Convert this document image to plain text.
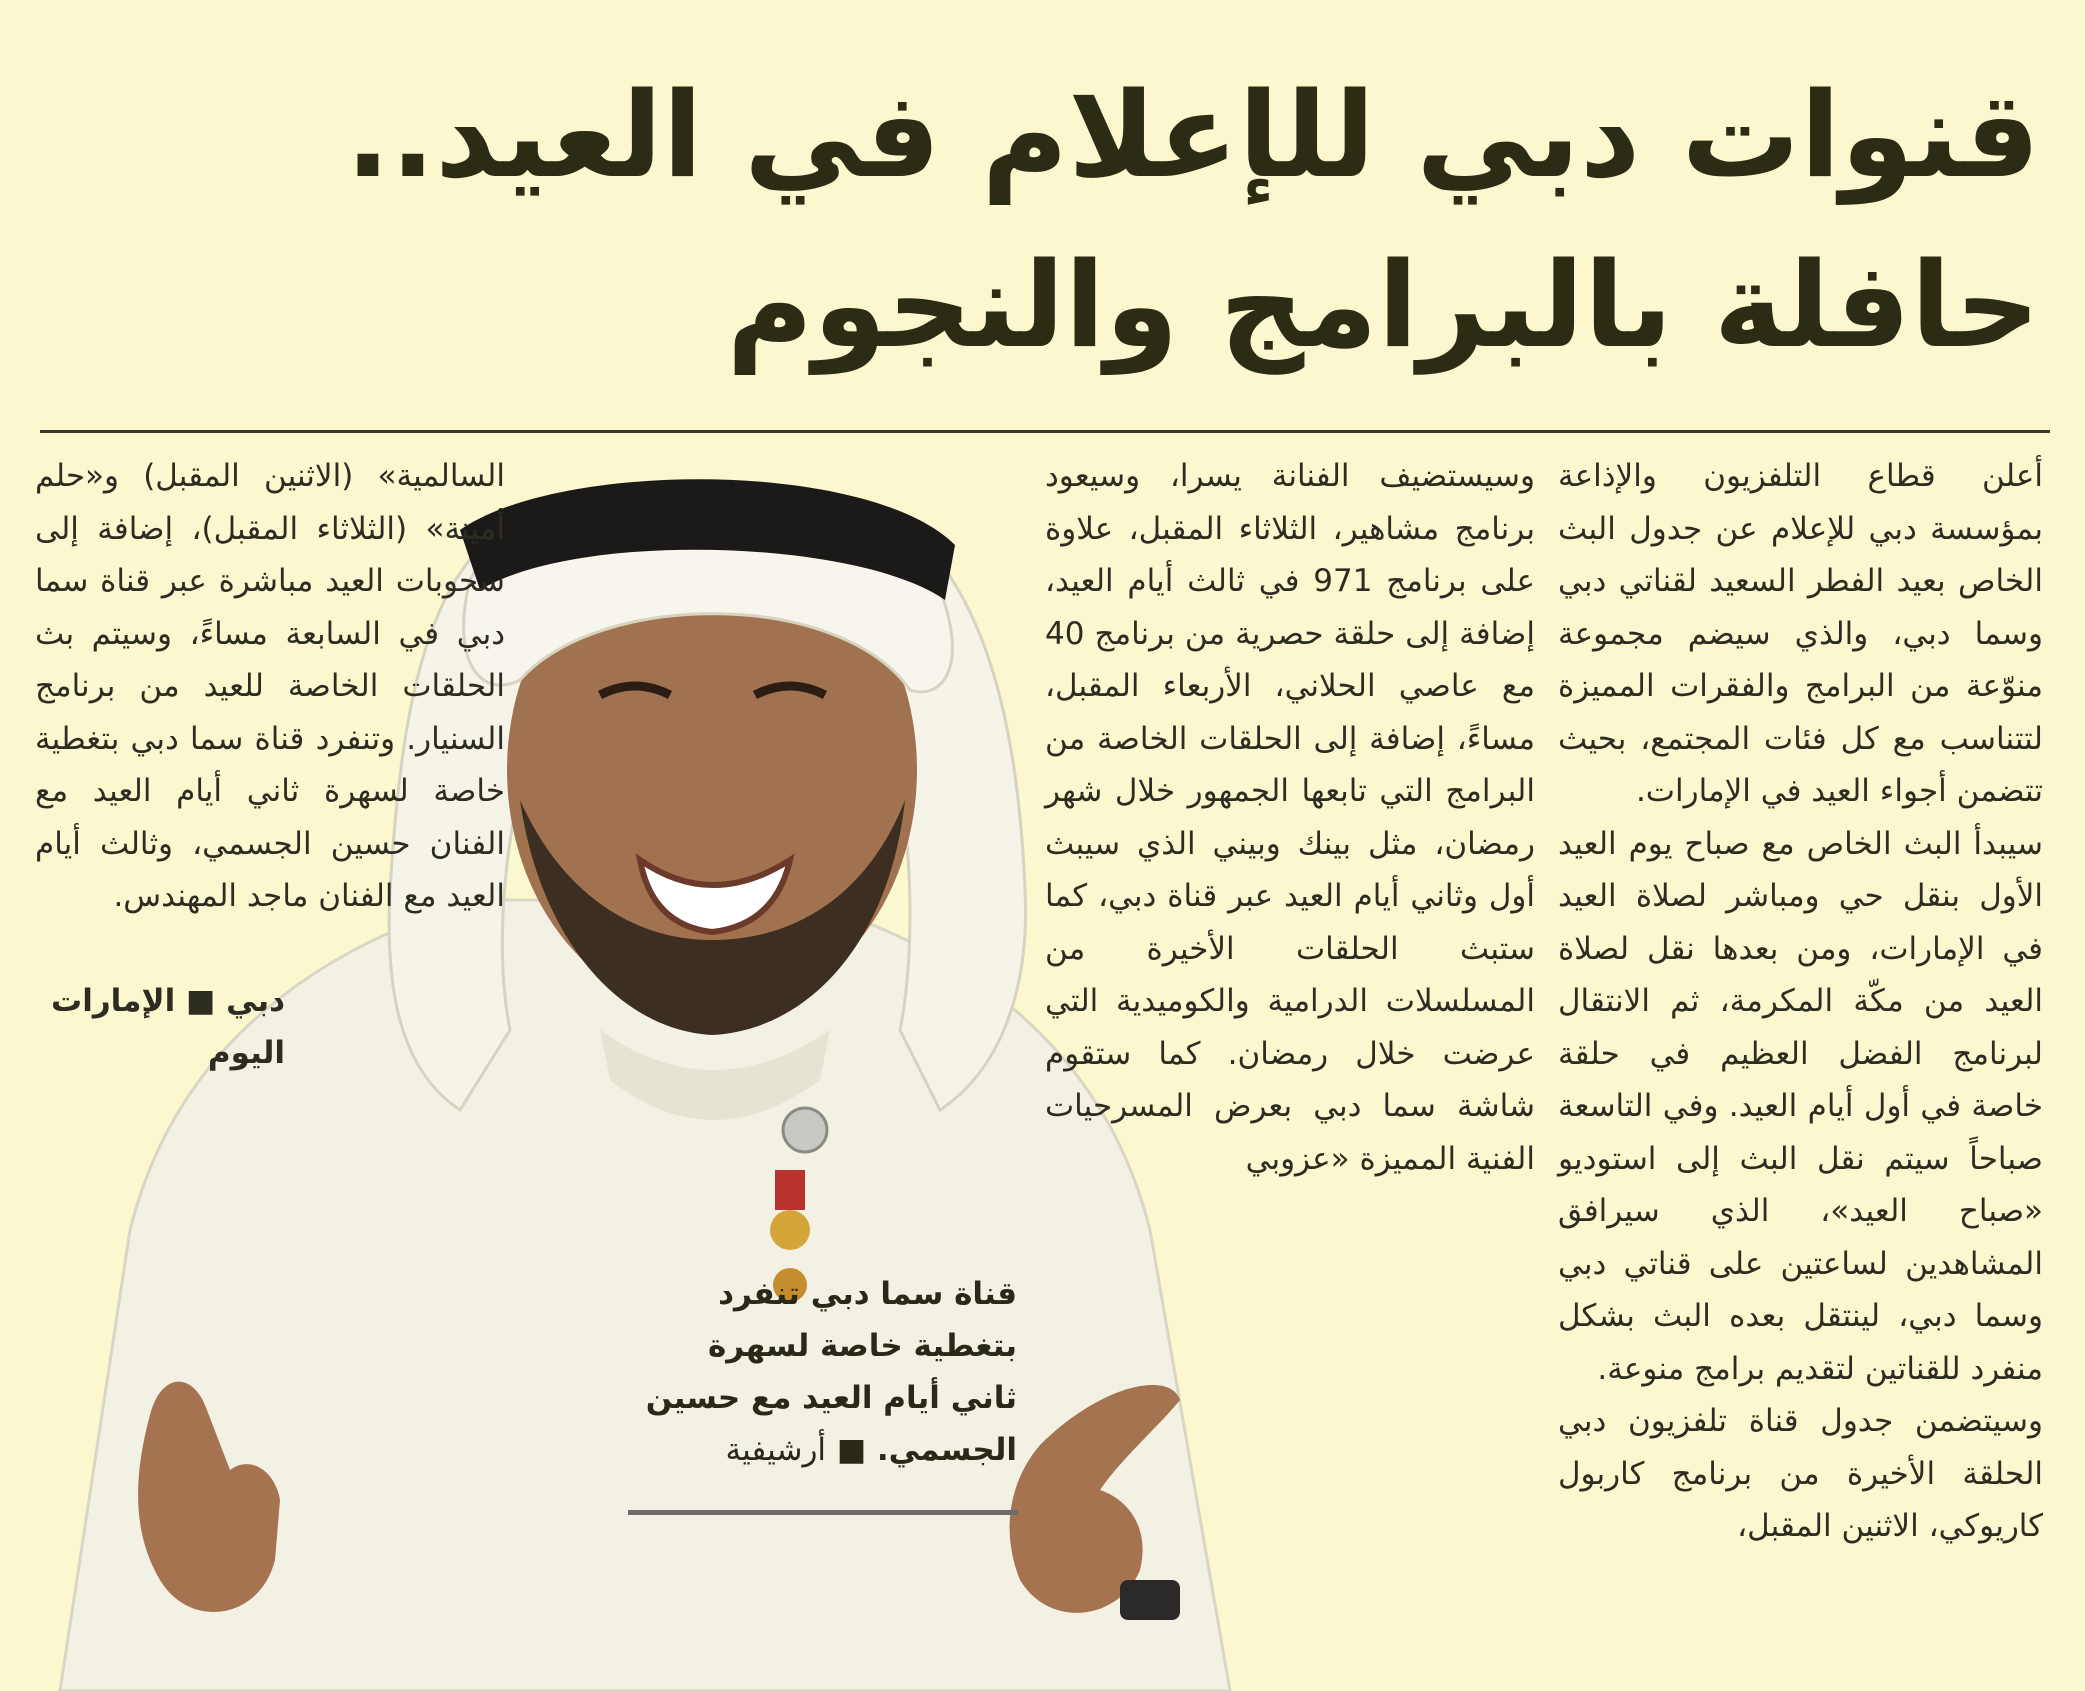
قنوات دبي للإعلام في العيد..
حافلة بالبرامج والنجوم

أعلن قطاع التلفزيون والإذاعة بمؤسسة دبي للإعلام عن جدول البث الخاص بعيد الفطر السعيد لقناتي دبي وسما دبي، والذي سيضم مجموعة منوّعة من البرامج والفقرات المميزة لتتناسب مع كل فئات المجتمع، بحيث تتضمن أجواء العيد في الإمارات.
سيبدأ البث الخاص مع صباح يوم العيد الأول بنقل حي ومباشر لصلاة العيد في الإمارات، ومن بعدها نقل لصلاة العيد من مكّة المكرمة، ثم الانتقال لبرنامج الفضل العظيم في حلقة خاصة في أول أيام العيد. وفي التاسعة صباحاً سيتم نقل البث إلى استوديو «صباح العيد»، الذي سيرافق المشاهدين لساعتين على قناتي دبي وسما دبي، لينتقل بعده البث بشكل منفرد للقناتين لتقديم برامج منوعة.
وسيتضمن جدول قناة تلفزيون دبي الحلقة الأخيرة من برنامج كاربول كاريوكي، الاثنين المقبل،

وسيستضيف الفنانة يسرا، وسيعود برنامج مشاهير، الثلاثاء المقبل، علاوة على برنامج 971 في ثالث أيام العيد، إضافة إلى حلقة حصرية من برنامج 40 مع عاصي الحلاني، الأربعاء المقبل، مساءً، إضافة إلى الحلقات الخاصة من البرامج التي تابعها الجمهور خلال شهر رمضان، مثل بينك وبيني الذي سيبث أول وثاني أيام العيد عبر قناة دبي، كما ستبث الحلقات الأخيرة من المسلسلات الدرامية والكوميدية التي عرضت خلال رمضان. كما ستقوم شاشة سما دبي بعرض المسرحيات الفنية المميزة «عزوبي

السالمية» (الاثنين المقبل) و«حلم أمينة» (الثلاثاء المقبل)، إضافة إلى سحوبات العيد مباشرة عبر قناة سما دبي في السابعة مساءً، وسيتم بث الحلقات الخاصة للعيد من برنامج السنيار. وتنفرد قناة سما دبي بتغطية خاصة لسهرة ثاني أيام العيد مع الفنان حسين الجسمي، وثالث أيام العيد مع الفنان ماجد المهندس.

دبي ■ الإمارات اليوم
قناة سما دبي تنفرد بتغطية خاصة لسهرة ثاني أيام العيد مع حسين الجسمي. ■ أرشيفية
